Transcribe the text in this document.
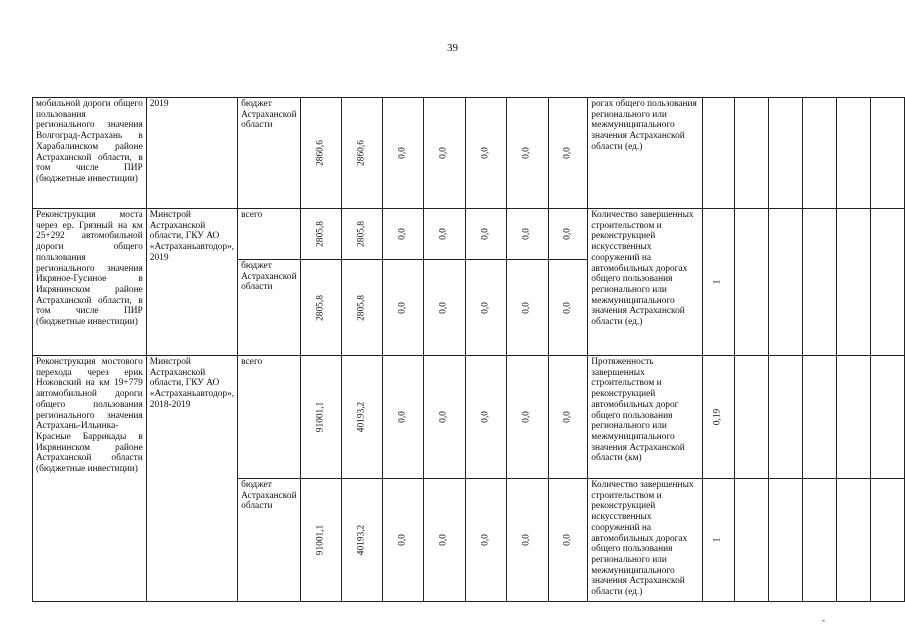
39
мобильной дороги общего пользования регионального значения Волгоград-Астрахань в Харабалинском районе Астраханской области, в том числе ПИР (бюджетные инвестиции)	2019	бюджет Астраханской области	2860,6	2860,6	0,0	0,0	0,0	0,0	0,0	рогах общего пользования регионального или межмуниципального значения Астраханской области (ед.)	

Реконструкция моста через ер. Грязный на км 25+292 автомобильной дороги общего пользования регионального значения Икряное-Гусиное в Икрянинском районе Астраханской области, в том числе ПИР (бюджетные инвестиции)	Минстрой Астраханской области, ГКУ АО «Астраханьавтодор», 2019	всего	2805,8	2805,8	0,0	0,0	0,0	0,0	0,0	Количество завершенных строительством и реконструкцией искусственных сооружений на автомобильных дорогах общего пользования регионального или межмуниципального значения Астраханской области (ед.)	1					

		бюджет Астраханской области	2805,8	2805,8	0,0	0,0	0,0	0,0	0,0							

Реконструкция мостового перехода через ерик Ножовский на км 19+779 автомобильной дороги общего пользования регионального значения Астрахань-Ильинка-Красные Баррикады в Икрянинском районе Астраханской области (бюджетные инвестиции)	Минстрой Астраханской области, ГКУ АО «Астраханьавтодор», 2018-2019	всего	91001,1	40193,2	0,0	0,0	0,0	0,0	0,0	Протяженность завершенных строительством и реконструкцией автомобильных дорог общего пользования регионального или межмуниципального значения Астраханской области (км)	0,19					

		бюджет Астраханской области	91001,1	40193,2	0,0	0,0	0,0	0,0	0,0	Количество завершенных строительством и реконструкцией искусственных сооружений на автомобильных дорогах общего пользования регионального или межмуниципального значения Астраханской области (ед.)	1					

-
